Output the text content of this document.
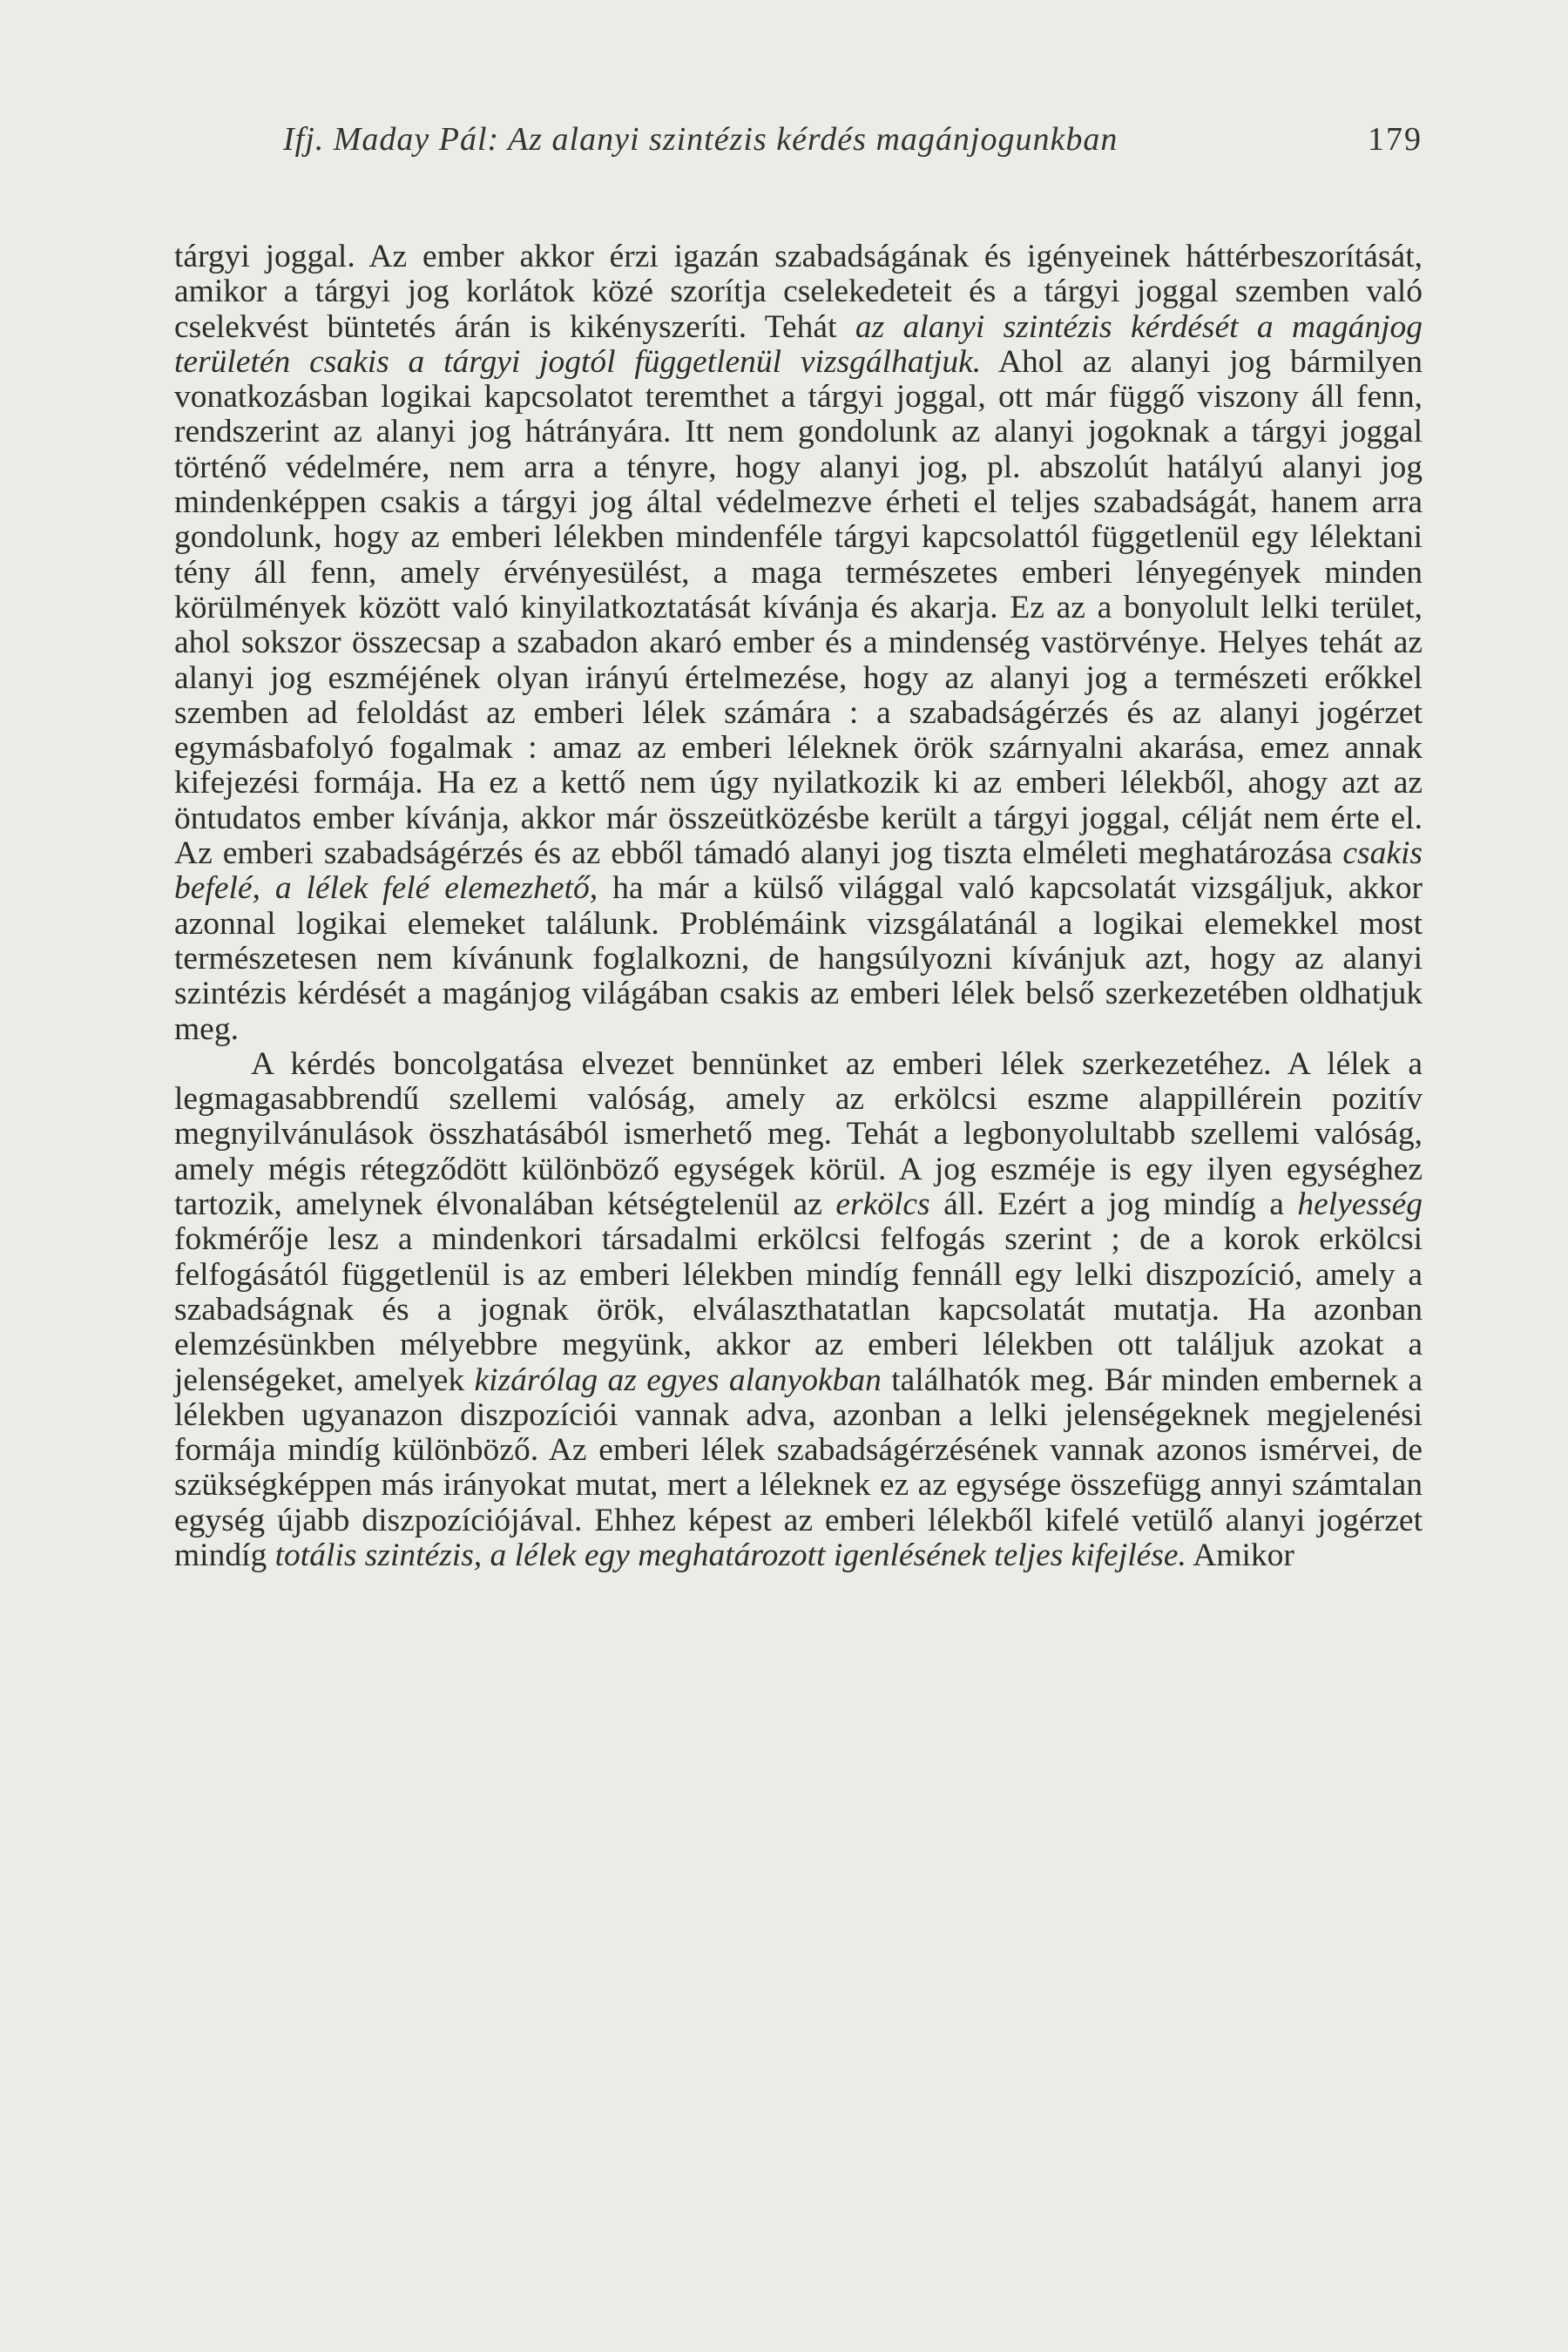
Ifj. Maday Pál: Az alanyi szintézis kérdés magánjogunkban	179

tárgyi joggal. Az ember akkor érzi igazán szabadságának és igényeinek háttérbeszorítását, amikor a tárgyi jog korlátok közé szorítja cselekedeteit és a tárgyi joggal szemben való cselekvést büntetés árán is kikényszeríti. Tehát az alanyi szintézis kérdését a magánjog területén csakis a tárgyi jogtól függetlenül vizsgálhatjuk. Ahol az alanyi jog bármilyen vonatkozásban logikai kapcsolatot teremthet a tárgyi joggal, ott már függő viszony áll fenn, rendszerint az alanyi jog hátrányára. Itt nem gondolunk az alanyi jogoknak a tárgyi joggal történő védelmére, nem arra a tényre, hogy alanyi jog, pl. abszolút hatályú alanyi jog mindenképpen csakis a tárgyi jog által védelmezve érheti el teljes szabadságát, hanem arra gondolunk, hogy az emberi lélekben mindenféle tárgyi kapcsolattól függetlenül egy lélektani tény áll fenn, amely érvényesülést, a maga természetes emberi lényegények minden körülmények között való kinyilatkoztatását kívánja és akarja. Ez az a bonyolult lelki terület, ahol sokszor összecsap a szabadon akaró ember és a mindenség vastörvénye. Helyes tehát az alanyi jog eszméjének olyan irányú értelmezése, hogy az alanyi jog a természeti erőkkel szemben ad feloldást az emberi lélek számára : a szabadságérzés és az alanyi jogérzet egymásbafolyó fogalmak : amaz az emberi léleknek örök szárnyalni akarása, emez annak kifejezési formája. Ha ez a kettő nem úgy nyilatkozik ki az emberi lélekből, ahogy azt az öntudatos ember kívánja, akkor már összeütközésbe került a tárgyi joggal, célját nem érte el. Az emberi szabadságérzés és az ebből támadó alanyi jog tiszta elméleti meghatározása csakis befelé, a lélek felé elemezhető, ha már a külső világgal való kapcsolatát vizsgáljuk, akkor azonnal logikai elemeket találunk. Problémáink vizsgálatánál a logikai elemekkel most természetesen nem kívánunk foglalkozni, de hangsúlyozni kívánjuk azt, hogy az alanyi szintézis kérdését a magánjog világában csakis az emberi lélek belső szerkezetében oldhatjuk meg.

A kérdés boncolgatása elvezet bennünket az emberi lélek szerkezetéhez. A lélek a legmagasabbrendű szellemi valóság, amely az erkölcsi eszme alappillérein pozitív megnyilvánulások összhatásából ismerhető meg. Tehát a legbonyolultabb szellemi valóság, amely mégis rétegződött különböző egységek körül. A jog eszméje is egy ilyen egységhez tartozik, amelynek élvonalában kétségtelenül az erkölcs áll. Ezért a jog mindíg a helyesség fokmérője lesz a mindenkori társadalmi erkölcsi felfogás szerint ; de a korok erkölcsi felfogásától függetlenül is az emberi lélekben mindíg fennáll egy lelki diszpozíció, amely a szabadságnak és a jognak örök, elválaszthatatlan kapcsolatát mutatja. Ha azonban elemzésünkben mélyebbre megyünk, akkor az emberi lélekben ott találjuk azokat a jelenségeket, amelyek kizárólag az egyes alanyokban találhatók meg. Bár minden embernek a lélekben ugyanazon diszpozíciói vannak adva, azonban a lelki jelenségeknek megjelenési formája mindíg különböző. Az emberi lélek szabadságérzésének vannak azonos ismérvei, de szükségképpen más irányokat mutat, mert a léleknek ez az egysége összefügg annyi számtalan egység újabb diszpozíciójával. Ehhez képest az emberi lélekből kifelé vetülő alanyi jogérzet mindíg totális szintézis, a lélek egy meghatározott igenlésének teljes kifejlése. Amikor
